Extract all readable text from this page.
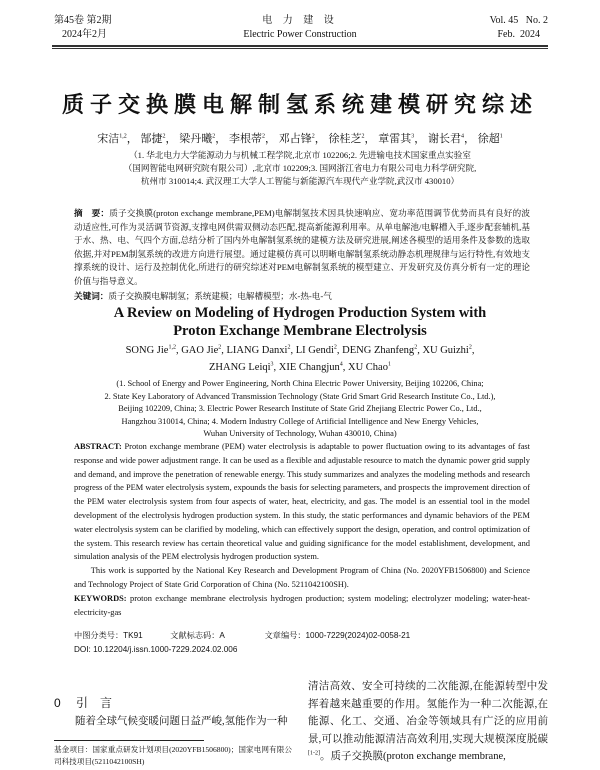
第45卷 第2期
2024年2月
电 力 建 设
Electric Power Construction
Vol. 45   No. 2
Feb.  2024
质子交换膜电解制氢系统建模研究综述
宋洁$^{1,2}$， 郜捷$^2$， 梁丹曦$^2$， 李根蒂$^2$， 邓占锋$^2$， 徐桂芝$^2$， 章雷其$^3$， 谢长君$^4$， 徐超$^1$
（1. 华北电力大学能源动力与机械工程学院,北京市 102206;2. 先进输电技术国家重点实验室
（国网智能电网研究院有限公司）,北京市 102209;3. 国网浙江省电力有限公司电力科学研究院,
杭州市 310014;4. 武汉理工大学人工智能与新能源汽车现代产业学院,武汉市 430010）
摘　要：质子交换膜(proton exchange membrane,PEM)电解制氢技术因具快速响应、宽功率范围调节优势而具有良好的波动适应性,可作为灵活调节资源,支撑电网供需双侧动态匹配,提高新能源利用率。从单电解池/电解槽入手,逐步配套辅机,基于水、热、电、气四个方面,总结分析了国内外电解制氢系统的建模方法及研究进展,阐述各模型的适用条件及参数的选取依据,并对PEM制氢系统的改进方向进行展望。通过建模仿真可以明晰电解制氢系统动静态机理规律与运行特性,有效地支撑系统的设计、运行及控制优化,所进行的研究综述对PEM电解制氢系统的模型建立、开发研究及仿真分析有一定的理论价值与指导意义。
关键词：质子交换膜电解制氢；系统建模；电解槽模型；水-热-电-气
A Review on Modeling of Hydrogen Production System with
Proton Exchange Membrane Electrolysis
SONG Jie$^{1,2}$, GAO Jie$^2$, LIANG Danxi$^2$, LI Gendi$^2$, DENG Zhanfeng$^2$, XU Guizhi$^2$,
ZHANG Leiqi$^3$, XIE Changjun$^4$, XU Chao$^1$
(1. School of Energy and Power Engineering, North China Electric Power University, Beijing 102206, China;
2. State Key Laboratory of Advanced Transmission Technology (State Grid Smart Grid Research Institute Co., Ltd.),
Beijing 102209, China; 3. Electric Power Research Institute of State Grid Zhejiang Electric Power Co., Ltd.,
Hangzhou 310014, China; 4. Modern Industry College of Artificial Intelligence and New Energy Vehicles,
Wuhan University of Technology, Wuhan 430010, China)
ABSTRACT: Proton exchange membrane (PEM) water electrolysis is adaptable to power fluctuation owing to its advantages of fast response and wide power adjustment range. It can be used as a flexible and adjustable resource to match the dynamic power grid supply and demand, and improve the penetration of renewable energy. This study summarizes and analyzes the modeling methods and research progress of the PEM water electrolysis system, expounds the basis for selecting parameters, and prospects the improvement direction of the PEM water electrolysis system from four aspects of water, heat, electricity, and gas. The model is an essential tool in the model development of the electrolysis hydrogen production system. In this study, the static performances and dynamic behaviors of the PEM water electrolysis system can be clarified by modeling, which can effectively support the design, operation, and control optimization of the system. This research review has certain theoretical value and guiding significance for the model establishment, development, and simulation analysis of the PEM electrolysis hydrogen production system.
This work is supported by the National Key Research and Development Program of China (No. 2020YFB1506800) and Science and Technology Project of State Grid Corporation of China (No. 5211042100SH).
KEYWORDS: proton exchange membrane electrolysis hydrogen production; system modeling; electrolyzer modeling; water-heat-electricity-gas
中图分类号：TK91	文献标志码：A	文章编号：1000-7229(2024)02-0058-21
DOI: 10.12204/j.issn.1000-7229.2024.02.006
0 引　言
随着全球气候变暖问题日益严峻,氢能作为一种
基金项目：国家重点研发计划项目(2020YFB1506800)；国家电网有限公司科技项目(5211042100SH)
清洁高效、安全可持续的二次能源,在能源转型中发挥着越来越重要的作用。氢能作为一种二次能源,在能源、化工、交通、冶金等领域具有广泛的应用前景,可以推动能源清洁高效利用,实现大规模深度脱碳[1-2]。质子交换膜(proton exchange membrane,
